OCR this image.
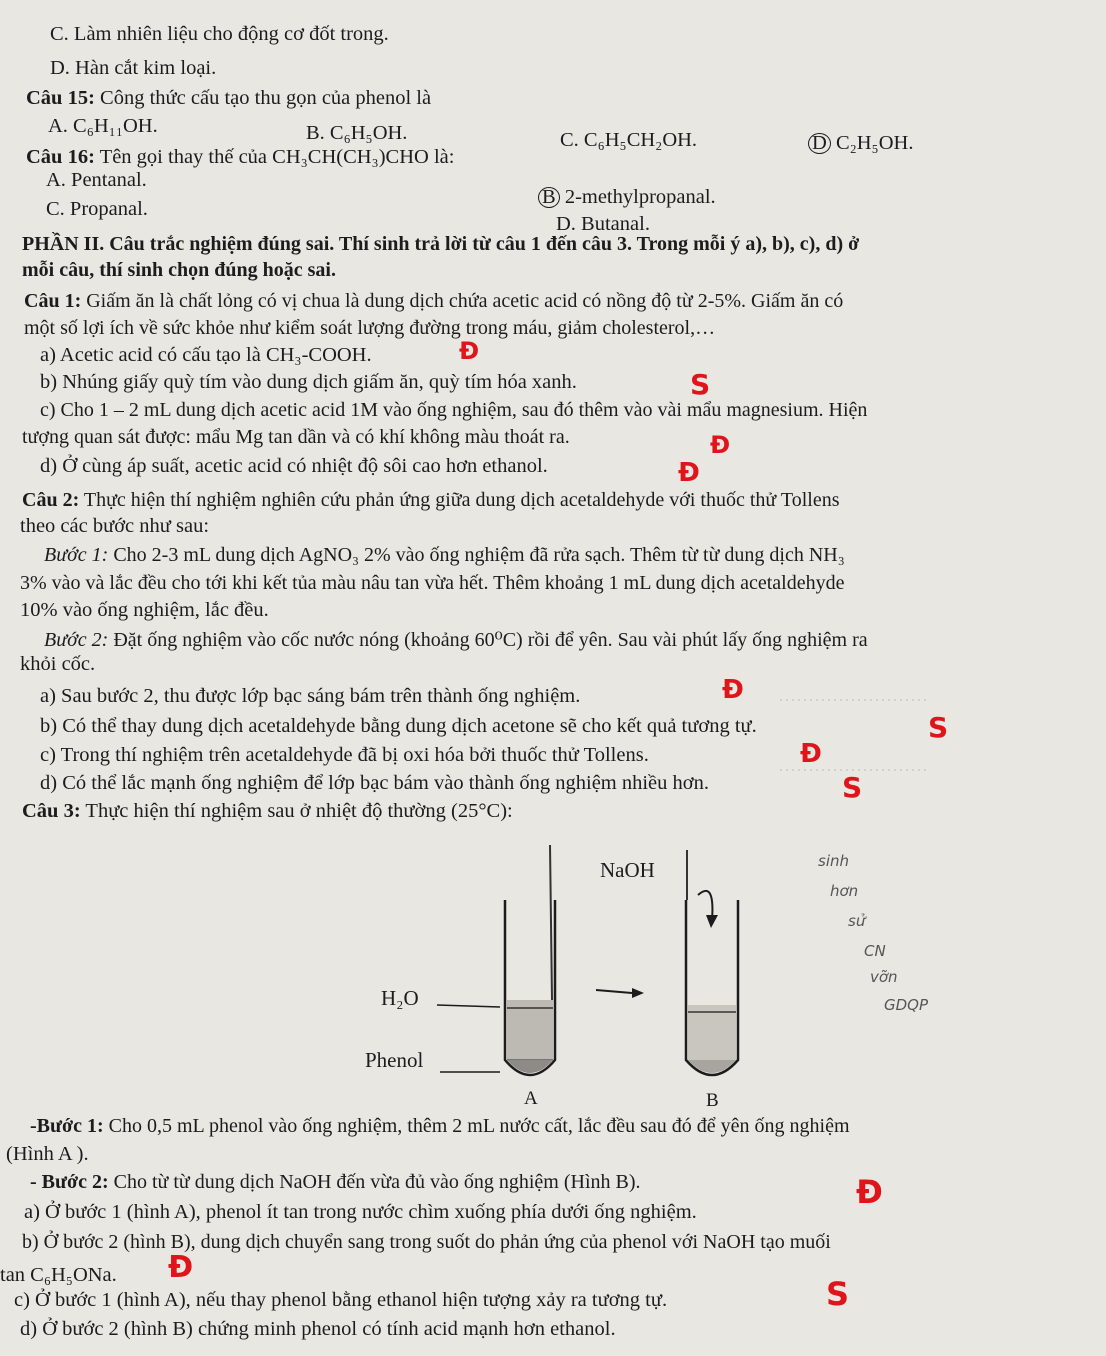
C. Làm nhiên liệu cho động cơ đốt trong.
D. Hàn cắt kim loại.
Câu 15: Công thức cấu tạo thu gọn của phenol là
A. C₆H₁₁OH.	B. C₆H₅OH.	C. C₆H₅CH₂OH.	D C₂H₅OH.
Câu 16: Tên gọi thay thế của CH₃CH(CH₃)CHO là:
A. Pentanal.
B 2-methylpropanal.
C. Propanal.
D. Butanal.
PHẦN II. Câu trắc nghiệm đúng sai. Thí sinh trả lời từ câu 1 đến câu 3. Trong mỗi ý a), b), c), d) ở
mỗi câu, thí sinh chọn đúng hoặc sai.
Câu 1: Giấm ăn là chất lỏng có vị chua là dung dịch chứa acetic acid có nồng độ từ 2-5%. Giấm ăn có
một số lợi ích về sức khỏe như kiểm soát lượng đường trong máu, giảm cholesterol,…
a) Acetic acid có cấu tạo là CH₃-COOH.
b) Nhúng giấy quỳ tím vào dung dịch giấm ăn, quỳ tím hóa xanh.
c) Cho 1 – 2 mL dung dịch acetic acid 1M vào ống nghiệm, sau đó thêm vào vài mẩu magnesium. Hiện
tượng quan sát được: mẩu Mg tan dần và có khí không màu thoát ra.
d) Ở cùng áp suất, acetic acid có nhiệt độ sôi cao hơn ethanol.
Câu 2: Thực hiện thí nghiệm nghiên cứu phản ứng giữa dung dịch acetaldehyde với thuốc thử Tollens
theo các bước như sau:
Bước 1: Cho 2-3 mL dung dịch AgNO₃ 2% vào ống nghiệm đã rửa sạch. Thêm từ từ dung dịch NH₃
3% vào và lắc đều cho tới khi kết tủa màu nâu tan vừa hết. Thêm khoảng 1 mL dung dịch acetaldehyde
10% vào ống nghiệm, lắc đều.
Bước 2: Đặt ống nghiệm vào cốc nước nóng (khoảng 60⁰C) rồi để yên. Sau vài phút lấy ống nghiệm ra
khỏi cốc.
a) Sau bước 2, thu được lớp bạc sáng bám trên thành ống nghiệm.
b) Có thể thay dung dịch acetaldehyde bằng dung dịch acetone sẽ cho kết quả tương tự.
c) Trong thí nghiệm trên acetaldehyde đã bị oxi hóa bởi thuốc thử Tollens.
d) Có thể lắc mạnh ống nghiệm để lớp bạc bám vào thành ống nghiệm nhiều hơn.
Câu 3: Thực hiện thí nghiệm sau ở nhiệt độ thường (25°C):
NaOH
H₂O
Phenol
A	B
-Bước 1: Cho 0,5 mL phenol vào ống nghiệm, thêm 2 mL nước cất, lắc đều sau đó để yên ống nghiệm
(Hình A ).
- Bước 2: Cho từ từ dung dịch NaOH đến vừa đủ vào ống nghiệm (Hình B).
a) Ở bước 1 (hình A), phenol ít tan trong nước chìm xuống phía dưới ống nghiệm.
b) Ở bước 2 (hình B), dung dịch chuyển sang trong suốt do phản ứng của phenol với NaOH tạo muối
tan C₆H₅ONa.
c) Ở bước 1 (hình A), nếu thay phenol bằng ethanol hiện tượng xảy ra tương tự.
d) Ở bước 2 (hình B) chứng minh phenol có tính acid mạnh hơn ethanol.
Đ
S
Đ
Đ
Đ
S
Đ
S
Đ
Đ
S
sinh
hơn
sử
CN
vỡn
GDQP
